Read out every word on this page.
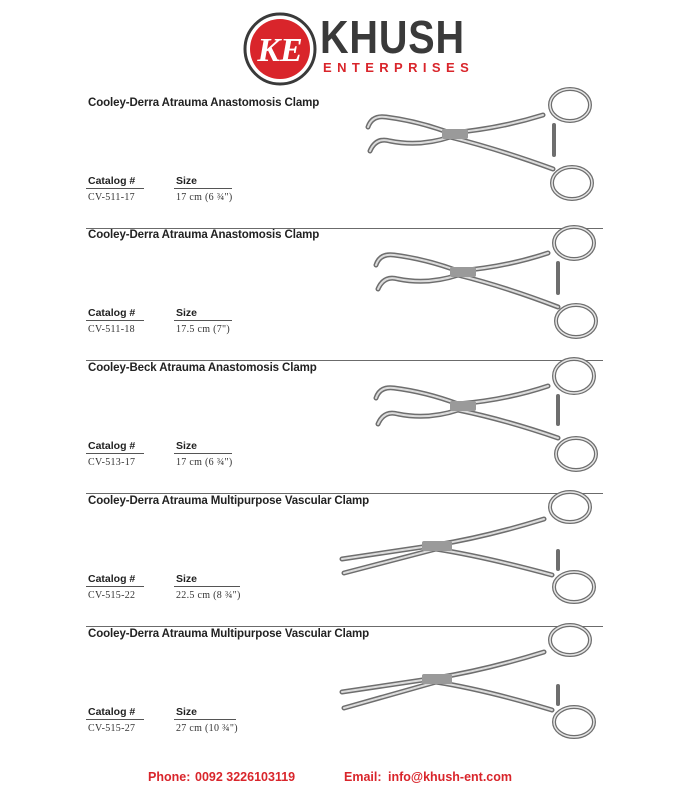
KE KHUSH
ENTERPRISES
Cooley-Derra Atrauma Anastomosis Clamp
Catalog #	Size
CV-511-17	17 cm (6 ¾")
Cooley-Derra Atrauma Anastomosis Clamp
Catalog #	Size
CV-511-18	17.5 cm (7")
Cooley-Beck Atrauma Anastomosis Clamp
Catalog #	Size
CV-513-17	17 cm (6 ¾")
Cooley-Derra Atrauma Multipurpose Vascular Clamp
Catalog #	Size
CV-515-22	22.5 cm (8 ¾")
Cooley-Derra Atrauma Multipurpose Vascular Clamp
Catalog #	Size
CV-515-27	27 cm (10 ¾")
Phone: 0092 3226103119	Email: info@khush-ent.com
